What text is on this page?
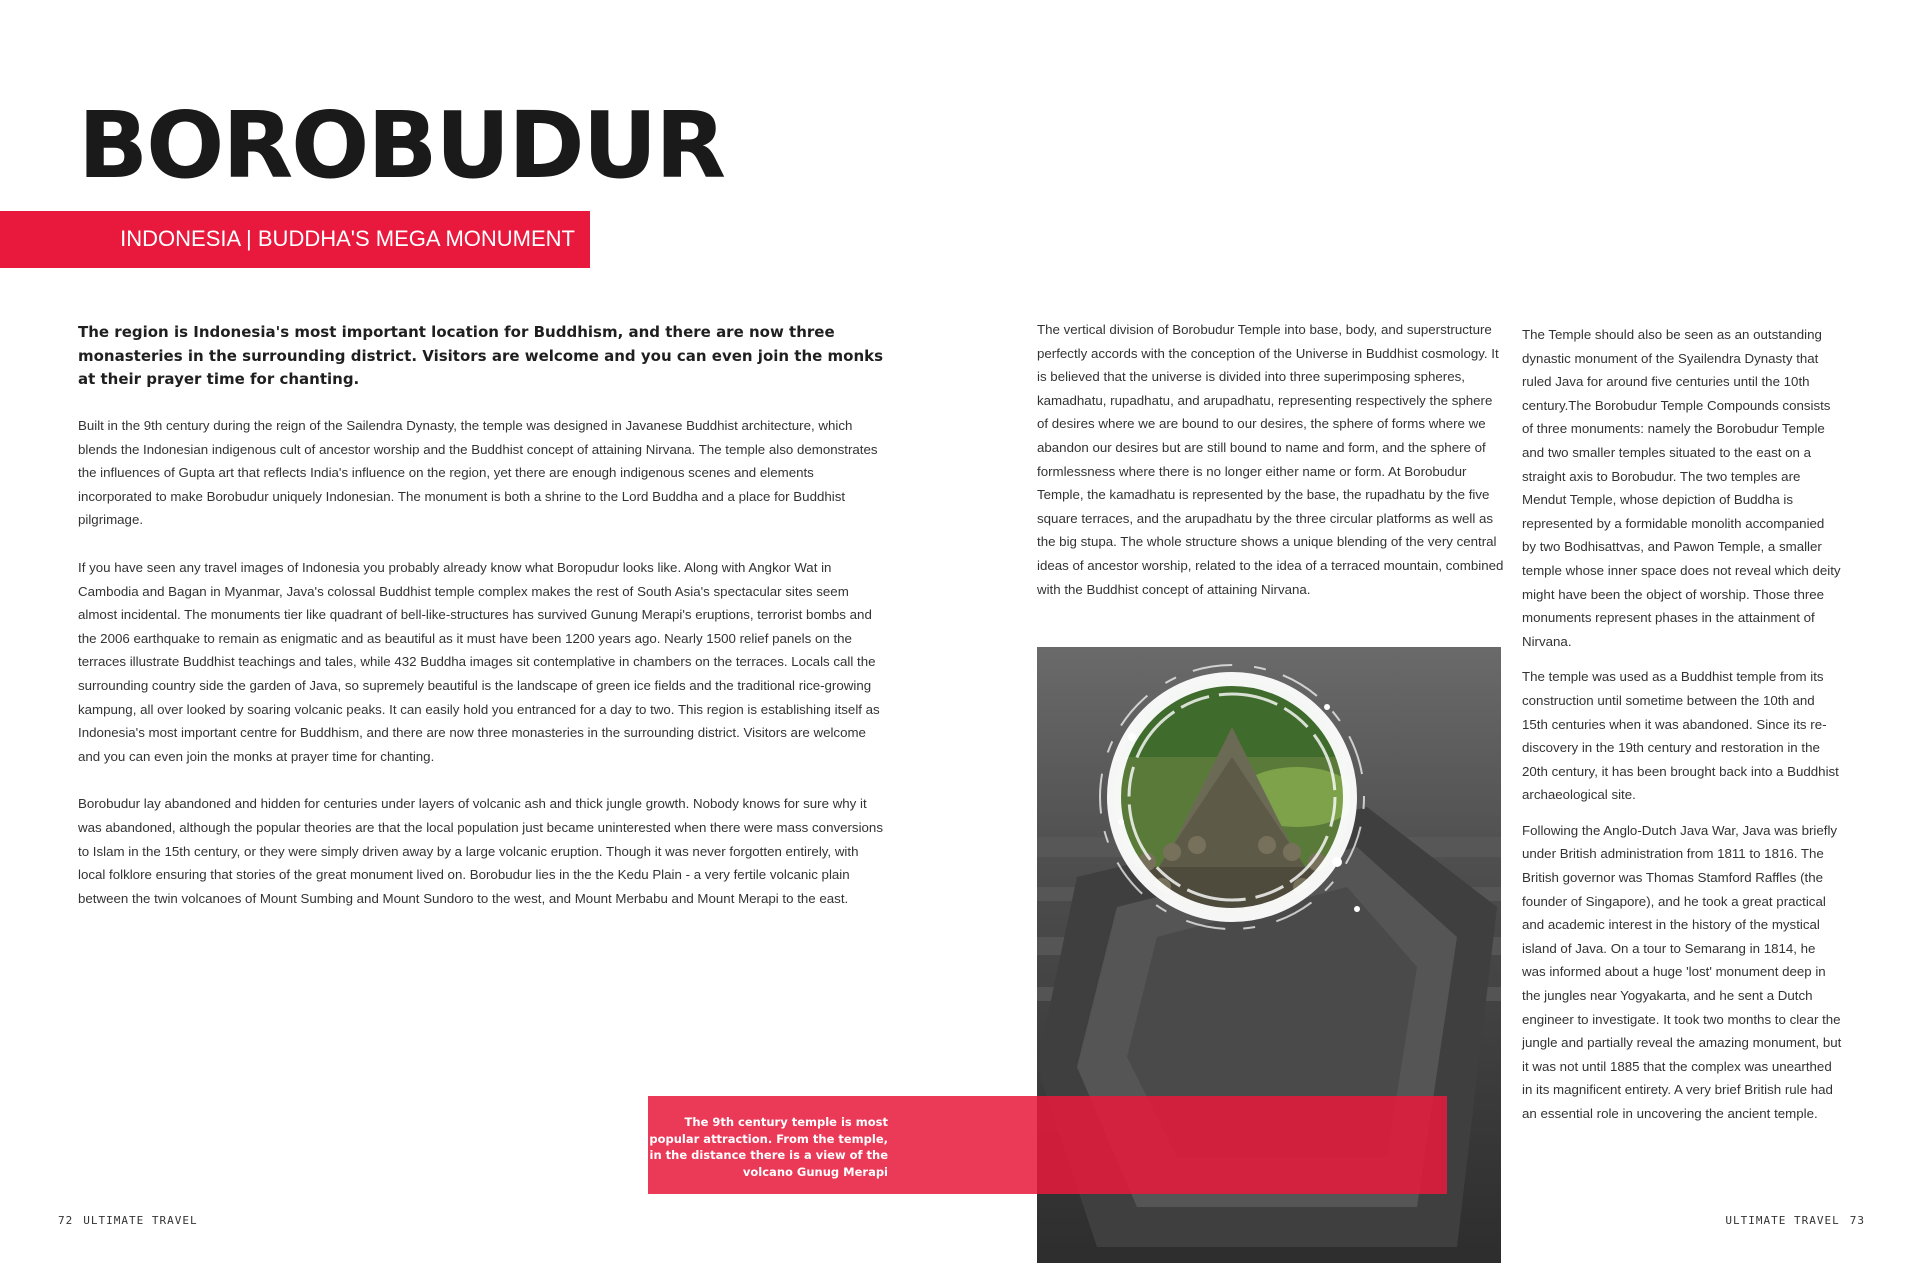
BOROBUDUR
INDONESIA | BUDDHA'S MEGA MONUMENT

The region is Indonesia's most important location for Buddhism, and there are now three monasteries in the surrounding district. Visitors are welcome and you can even join the monks at their prayer time for chanting.

Built in the 9th century during the reign of the Sailendra Dynasty, the temple was designed in Javanese Buddhist architecture, which blends the Indonesian indigenous cult of ancestor worship and the Buddhist concept of attaining Nirvana. The temple also demonstrates the influences of Gupta art that reflects India's influence on the region, yet there are enough indigenous scenes and elements incorporated to make Borobudur uniquely Indonesian. The monument is both a shrine to the Lord Buddha and a place for Buddhist pilgrimage.

If you have seen any travel images of Indonesia you probably already know what Boropudur looks like. Along with Angkor Wat in Cambodia and Bagan in Myanmar, Java's colossal Buddhist temple complex makes the rest of South Asia's spectacular sites seem almost incidental. The monuments tier like quadrant of bell-like-structures has survived Gunung Merapi's eruptions, terrorist bombs and the 2006 earthquake to remain as enigmatic and as beautiful as it must have been 1200 years ago. Nearly 1500 relief panels on the terraces illustrate Buddhist teachings and tales, while 432 Buddha images sit contemplative in chambers on the terraces. Locals call the surrounding country side the garden of Java, so supremely beautiful is the landscape of green ice fields and the traditional rice-growing kampung, all over looked by soaring volcanic peaks. It can easily hold you entranced for a day to two. This region is establishing itself as Indonesia's most important centre for Buddhism, and there are now three monasteries in the surrounding district. Visitors are welcome and you can even join the monks at prayer time for chanting.

Borobudur lay abandoned and hidden for centuries under layers of volcanic ash and thick jungle growth. Nobody knows for sure why it was abandoned, although the popular theories are that the local population just became uninterested when there were mass conversions to Islam in the 15th century, or they were simply driven away by a large volcanic eruption. Though it was never forgotten entirely, with local folklore ensuring that stories of the great monument lived on. Borobudur lies in the the Kedu Plain - a very fertile volcanic plain between the twin volcanoes of Mount Sumbing and Mount Sundoro to the west, and Mount Merbabu and Mount Merapi to the east.

The vertical division of Borobudur Temple into base, body, and superstructure perfectly accords with the conception of the Universe in Buddhist cosmology. It is believed that the universe is divided into three superimposing spheres, kamadhatu, rupadhatu, and arupadhatu, representing respectively the sphere of desires where we are bound to our desires, the sphere of forms where we abandon our desires but are still bound to name and form, and the sphere of formlessness where there is no longer either name or form. At Borobudur Temple, the kamadhatu is represented by the base, the rupadhatu by the five square terraces, and the arupadhatu by the three circular platforms as well as the big stupa. The whole structure shows a unique blending of the very central ideas of ancestor worship, related to the idea of a terraced mountain, combined with the Buddhist concept of attaining Nirvana.

The 9th century temple is most popular attraction. From the temple, in the distance there is a view of the volcano Gunug Merapi

The Temple should also be seen as an outstanding dynastic monument of the Syailendra Dynasty that ruled Java for around five centuries until the 10th century.The Borobudur Temple Compounds consists of three monuments: namely the Borobudur Temple and two smaller temples situated to the east on a straight axis to Borobudur. The two temples are Mendut Temple, whose depiction of Buddha is represented by a formidable monolith accompanied by two Bodhisattvas, and Pawon Temple, a smaller temple whose inner space does not reveal which deity might have been the object of worship. Those three monuments represent phases in the attainment of Nirvana.

The temple was used as a Buddhist temple from its construction until sometime between the 10th and 15th centuries when it was abandoned. Since its re-discovery in the 19th century and restoration in the 20th century, it has been brought back into a Buddhist archaeological site.

Following the Anglo-Dutch Java War, Java was briefly under British administration from 1811 to 1816. The British governor was Thomas Stamford Raffles (the founder of Singapore), and he took a great practical and academic interest in the history of the mystical island of Java. On a tour to Semarang in 1814, he was informed about a huge 'lost' monument deep in the jungles near Yogyakarta, and he sent a Dutch engineer to investigate. It took two months to clear the jungle and partially reveal the amazing monument, but it was not until 1885 that the complex was unearthed in its magnificent entirety. A very brief British rule had an essential role in uncovering the ancient temple.

72 ULTIMATE TRAVEL	ULTIMATE TRAVEL 73
